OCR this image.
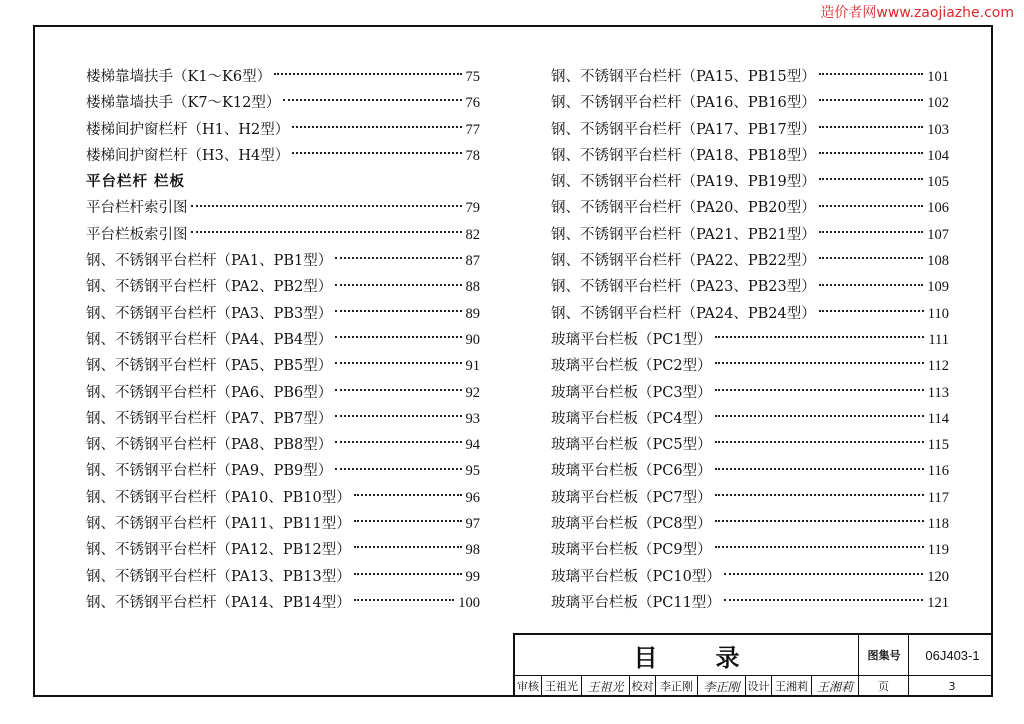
造价者网www.zaojiazhe.com
楼梯靠墙扶手（K1～K6型）	75
楼梯靠墙扶手（K7～K12型）	76
楼梯间护窗栏杆（H1、H2型）	77
楼梯间护窗栏杆（H3、H4型）	78
平台栏杆 栏板
平台栏杆索引图	79
平台栏板索引图	82
钢、不锈钢平台栏杆（PA1、PB1型）	87
钢、不锈钢平台栏杆（PA2、PB2型）	88
钢、不锈钢平台栏杆（PA3、PB3型）	89
钢、不锈钢平台栏杆（PA4、PB4型）	90
钢、不锈钢平台栏杆（PA5、PB5型）	91
钢、不锈钢平台栏杆（PA6、PB6型）	92
钢、不锈钢平台栏杆（PA7、PB7型）	93
钢、不锈钢平台栏杆（PA8、PB8型）	94
钢、不锈钢平台栏杆（PA9、PB9型）	95
钢、不锈钢平台栏杆（PA10、PB10型）	96
钢、不锈钢平台栏杆（PA11、PB11型）	97
钢、不锈钢平台栏杆（PA12、PB12型）	98
钢、不锈钢平台栏杆（PA13、PB13型）	99
钢、不锈钢平台栏杆（PA14、PB14型）	100
钢、不锈钢平台栏杆（PA15、PB15型）	101
钢、不锈钢平台栏杆（PA16、PB16型）	102
钢、不锈钢平台栏杆（PA17、PB17型）	103
钢、不锈钢平台栏杆（PA18、PB18型）	104
钢、不锈钢平台栏杆（PA19、PB19型）	105
钢、不锈钢平台栏杆（PA20、PB20型）	106
钢、不锈钢平台栏杆（PA21、PB21型）	107
钢、不锈钢平台栏杆（PA22、PB22型）	108
钢、不锈钢平台栏杆（PA23、PB23型）	109
钢、不锈钢平台栏杆（PA24、PB24型）	110
玻璃平台栏板（PC1型）	111
玻璃平台栏板（PC2型）	112
玻璃平台栏板（PC3型）	113
玻璃平台栏板（PC4型）	114
玻璃平台栏板（PC5型）	115
玻璃平台栏板（PC6型）	116
玻璃平台栏板（PC7型）	117
玻璃平台栏板（PC8型）	118
玻璃平台栏板（PC9型）	119
玻璃平台栏板（PC10型）	120
玻璃平台栏板（PC11型）	121
目录	图集号	06J403-1
审核 王祖光 王祖光 校对 李正刚 李正刚 设计 王湘莉 王湘莉	页	3
